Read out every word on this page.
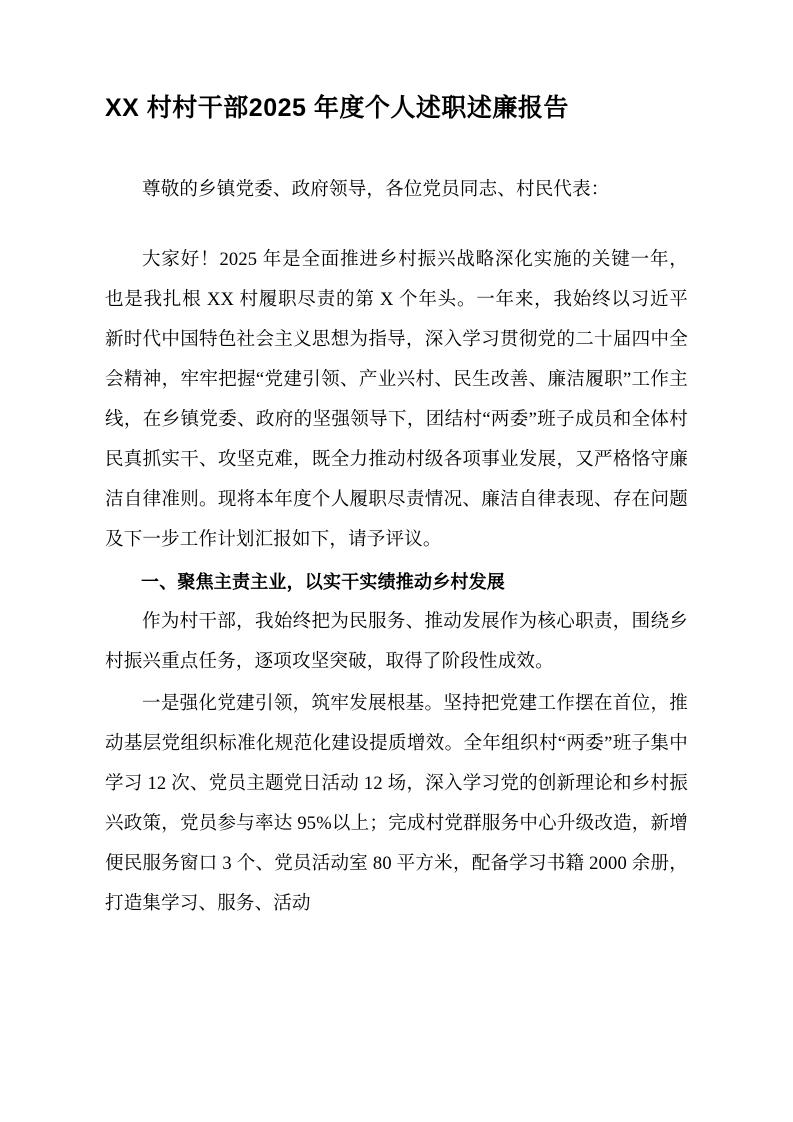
XX 村村干部2025 年度个人述职述廉报告

尊敬的乡镇党委、政府领导，各位党员同志、村民代表：

大家好！2025 年是全面推进乡村振兴战略深化实施的关键一年，也是我扎根 XX 村履职尽责的第 X 个年头。一年来，我始终以习近平新时代中国特色社会主义思想为指导，深入学习贯彻党的二十届四中全会精神，牢牢把握“党建引领、产业兴村、民生改善、廉洁履职”工作主线，在乡镇党委、政府的坚强领导下，团结村“两委”班子成员和全体村民真抓实干、攻坚克难，既全力推动村级各项事业发展，又严格恪守廉洁自律准则。现将本年度个人履职尽责情况、廉洁自律表现、存在问题及下一步工作计划汇报如下，请予评议。

一、聚焦主责主业，以实干实绩推动乡村发展

作为村干部，我始终把为民服务、推动发展作为核心职责，围绕乡村振兴重点任务，逐项攻坚突破，取得了阶段性成效。

一是强化党建引领，筑牢发展根基。坚持把党建工作摆在首位，推动基层党组织标准化规范化建设提质增效。全年组织村“两委”班子集中学习 12 次、党员主题党日活动 12 场，深入学习党的创新理论和乡村振兴政策，党员参与率达 95%以上；完成村党群服务中心升级改造，新增便民服务窗口 3 个、党员活动室 80 平方米，配备学习书籍 2000 余册，打造集学习、服务、活动
